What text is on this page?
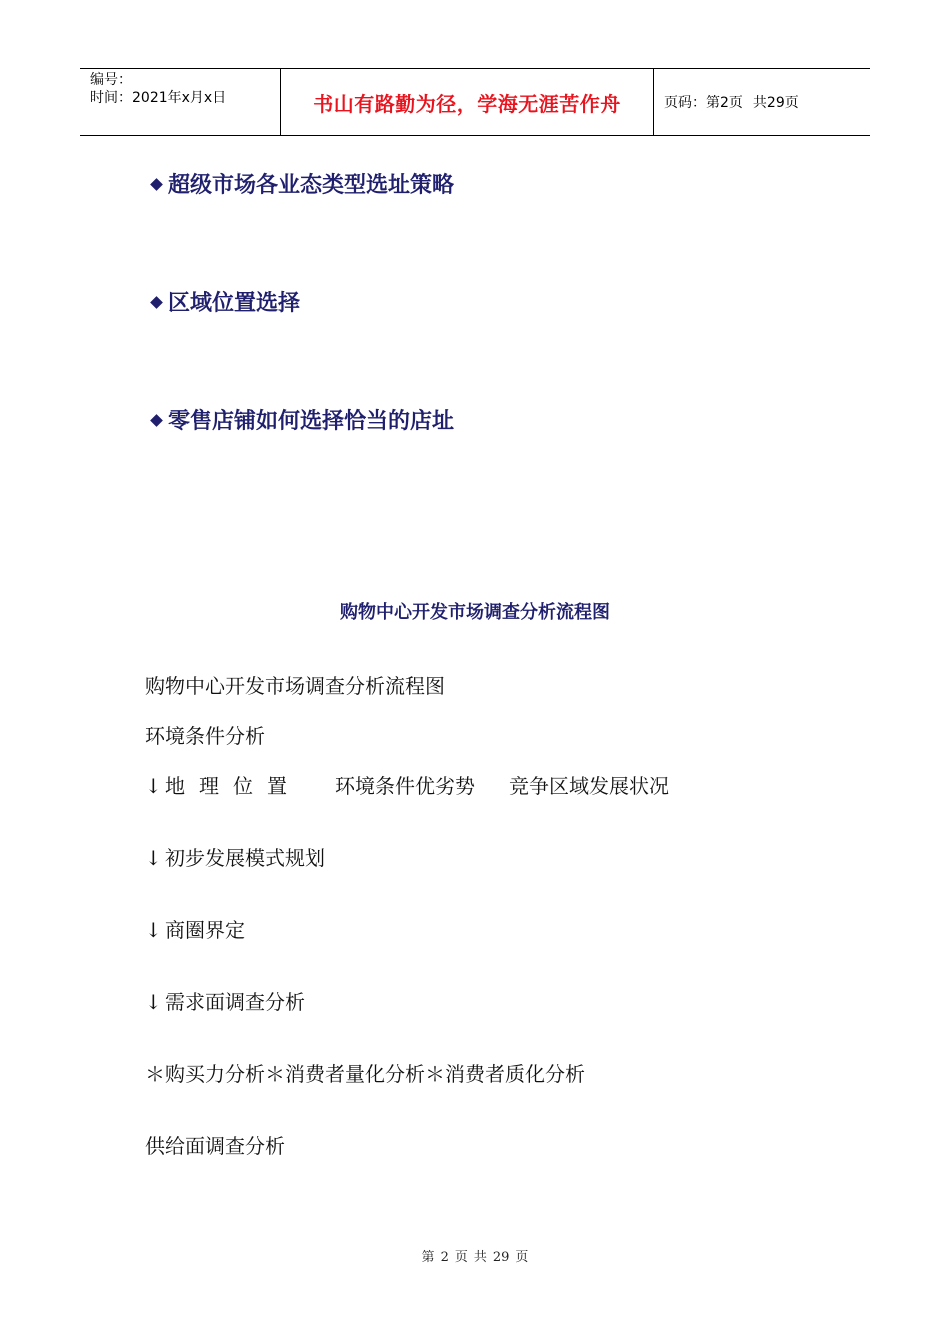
编号：
时间：2021年x月x日	书山有路勤为径，学海无涯苦作舟	页码：第2页 共29页
超级市场各业态类型选址策略
区域位置选择
零售店铺如何选择恰当的店址
购物中心开发市场调查分析流程图
购物中心开发市场调查分析流程图
环境条件分析
↓ 地理位置 环境条件优劣势 竞争区域发展状况
↓ 初步发展模式规划
↓ 商圈界定
↓ 需求面调查分析
＊购买力分析＊消费者量化分析＊消费者质化分析
供给面调查分析
第 2 页 共 29 页
